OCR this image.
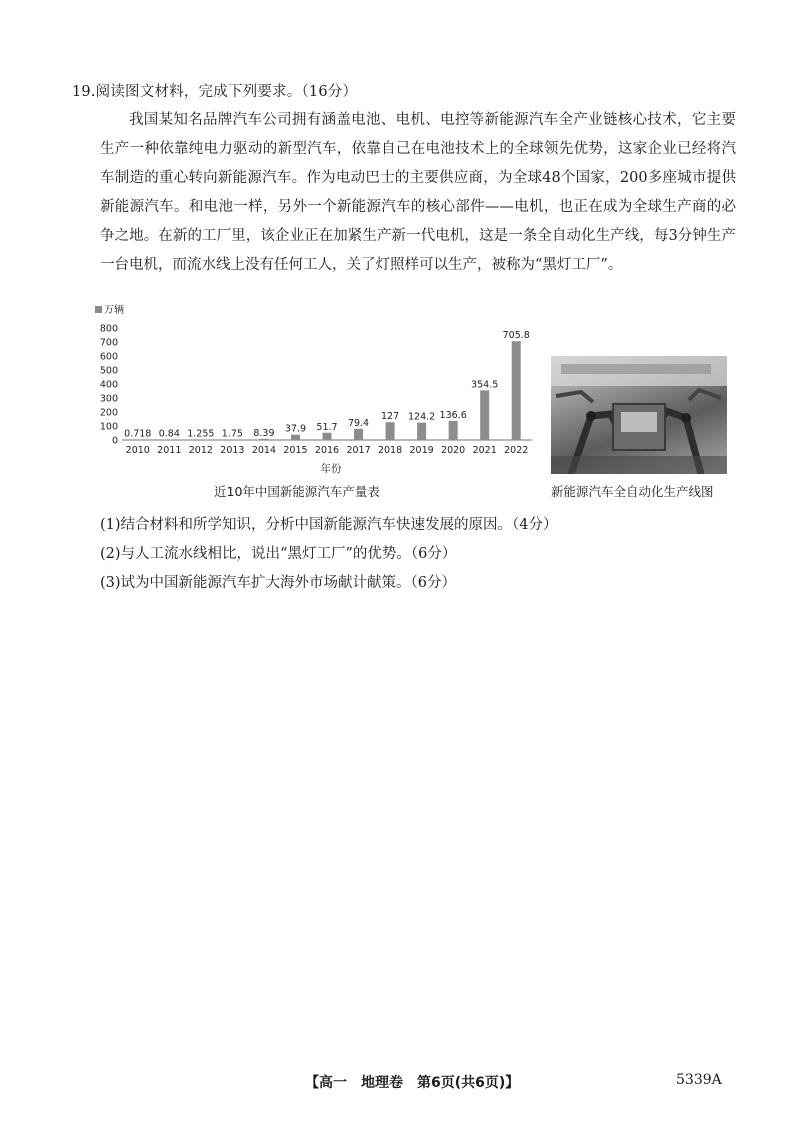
19.阅读图文材料，完成下列要求。（16分）
我国某知名品牌汽车公司拥有涵盖电池、电机、电控等新能源汽车全产业链核心技术，它主要生产一种依靠纯电力驱动的新型汽车，依靠自己在电池技术上的全球领先优势，这家企业已经将汽车制造的重心转向新能源汽车。作为电动巴士的主要供应商，为全球48个国家，200多座城市提供新能源汽车。和电池一样，另外一个新能源汽车的核心部件——电机，也正在成为全球生产商的必争之地。在新的工厂里，该企业正在加紧生产新一代电机，这是一条全自动化生产线，每3分钟生产一台电机，而流水线上没有任何工人，关了灯照样可以生产，被称为“黑灯工厂”。
万辆
800
700
600
500
400
300
200
100
0
0.718 0.84 1.255 1.75 8.39 37.9 51.7 79.4
127 124.2 136.6
354.5
705.8
2010 2011 2012 2013 2014 2015 2016 2017 2018 2019 2020 2021 2022
年份
近10年中国新能源汽车产量表	新能源汽车全自动化生产线图
(1)结合材料和所学知识，分析中国新能源汽车快速发展的原因。（4分）
(2)与人工流水线相比，说出“黑灯工厂”的优势。（6分）
(3)试为中国新能源汽车扩大海外市场献计献策。（6分）
【高一　地理卷　第6页(共6页)】	5339A
